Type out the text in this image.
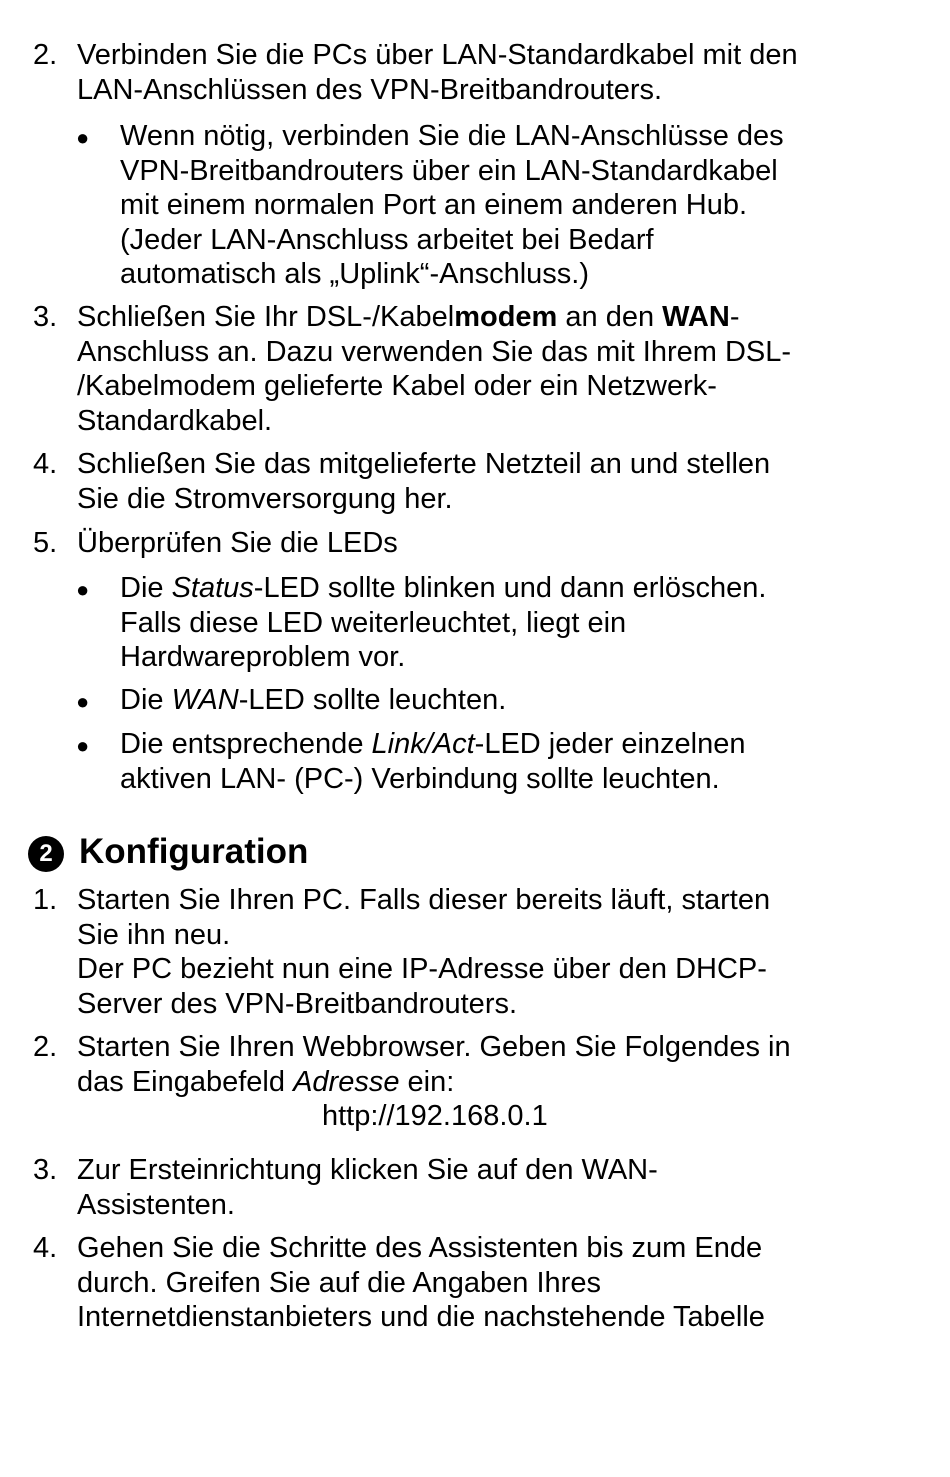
2. Verbinden Sie die PCs über LAN-Standardkabel mit den
LAN-Anschlüssen des VPN-Breitbandrouters.
● Wenn nötig, verbinden Sie die LAN-Anschlüsse des
VPN-Breitbandrouters über ein LAN-Standardkabel
mit einem normalen Port an einem anderen Hub.
(Jeder LAN-Anschluss arbeitet bei Bedarf
automatisch als „Uplink“-Anschluss.)
3. Schließen Sie Ihr DSL-/Kabelmodem an den WAN-
Anschluss an. Dazu verwenden Sie das mit Ihrem DSL-
/Kabelmodem gelieferte Kabel oder ein Netzwerk-
Standardkabel.
4. Schließen Sie das mitgelieferte Netzteil an und stellen
Sie die Stromversorgung her.
5. Überprüfen Sie die LEDs
● Die Status-LED sollte blinken und dann erlöschen.
Falls diese LED weiterleuchtet, liegt ein
Hardwareproblem vor.
● Die WAN-LED sollte leuchten.
● Die entsprechende Link/Act-LED jeder einzelnen
aktiven LAN- (PC-) Verbindung sollte leuchten.
2 Konfiguration
1. Starten Sie Ihren PC. Falls dieser bereits läuft, starten
Sie ihn neu.
Der PC bezieht nun eine IP-Adresse über den DHCP-
Server des VPN-Breitbandrouters.
2. Starten Sie Ihren Webbrowser. Geben Sie Folgendes in
das Eingabefeld Adresse ein:
http://192.168.0.1
3. Zur Ersteinrichtung klicken Sie auf den WAN-
Assistenten.
4. Gehen Sie die Schritte des Assistenten bis zum Ende
durch. Greifen Sie auf die Angaben Ihres
Internetdienstanbieters und die nachstehende Tabelle
